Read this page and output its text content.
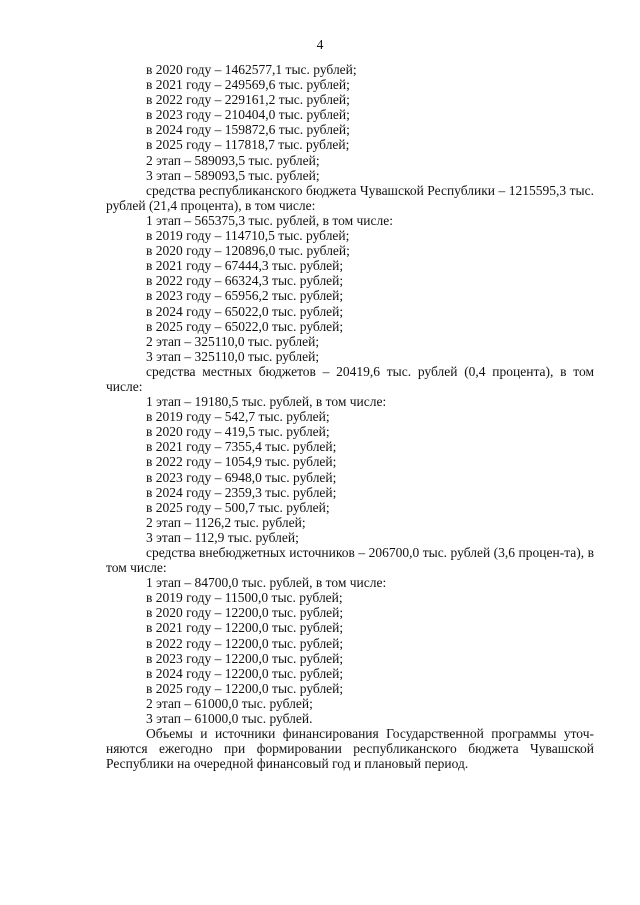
4
в 2020 году – 1462577,1 тыс. рублей;
в 2021 году – 249569,6 тыс. рублей;
в 2022 году – 229161,2 тыс. рублей;
в 2023 году – 210404,0 тыс. рублей;
в 2024 году – 159872,6 тыс. рублей;
в 2025 году – 117818,7 тыс. рублей;
2 этап – 589093,5 тыс. рублей;
3 этап – 589093,5 тыс. рублей;
средства республиканского бюджета Чувашской Республики – 1215595,3 тыс. рублей (21,4 процента), в том числе:
1 этап – 565375,3 тыс. рублей, в том числе:
в 2019 году – 114710,5 тыс. рублей;
в 2020 году – 120896,0 тыс. рублей;
в 2021 году – 67444,3 тыс. рублей;
в 2022 году – 66324,3 тыс. рублей;
в 2023 году – 65956,2 тыс. рублей;
в 2024 году – 65022,0 тыс. рублей;
в 2025 году – 65022,0 тыс. рублей;
2 этап – 325110,0 тыс. рублей;
3 этап – 325110,0 тыс. рублей;
средства местных бюджетов – 20419,6 тыс. рублей (0,4 процента), в том числе:
1 этап – 19180,5 тыс. рублей, в том числе:
в 2019 году – 542,7 тыс. рублей;
в 2020 году – 419,5 тыс. рублей;
в 2021 году – 7355,4 тыс. рублей;
в 2022 году – 1054,9 тыс. рублей;
в 2023 году – 6948,0 тыс. рублей;
в 2024 году – 2359,3 тыс. рублей;
в 2025 году – 500,7 тыс. рублей;
2 этап – 1126,2 тыс. рублей;
3 этап – 112,9 тыс. рублей;
средства внебюджетных источников – 206700,0 тыс. рублей (3,6 процен-та), в том числе:
1 этап – 84700,0 тыс. рублей, в том числе:
в 2019 году – 11500,0 тыс. рублей;
в 2020 году – 12200,0 тыс. рублей;
в 2021 году – 12200,0 тыс. рублей;
в 2022 году – 12200,0 тыс. рублей;
в 2023 году – 12200,0 тыс. рублей;
в 2024 году – 12200,0 тыс. рублей;
в 2025 году – 12200,0 тыс. рублей;
2 этап – 61000,0 тыс. рублей;
3 этап – 61000,0 тыс. рублей.
Объемы и источники финансирования Государственной программы уточ-няются ежегодно при формировании республиканского бюджета Чувашской Республики на очередной финансовый год и плановый период.
